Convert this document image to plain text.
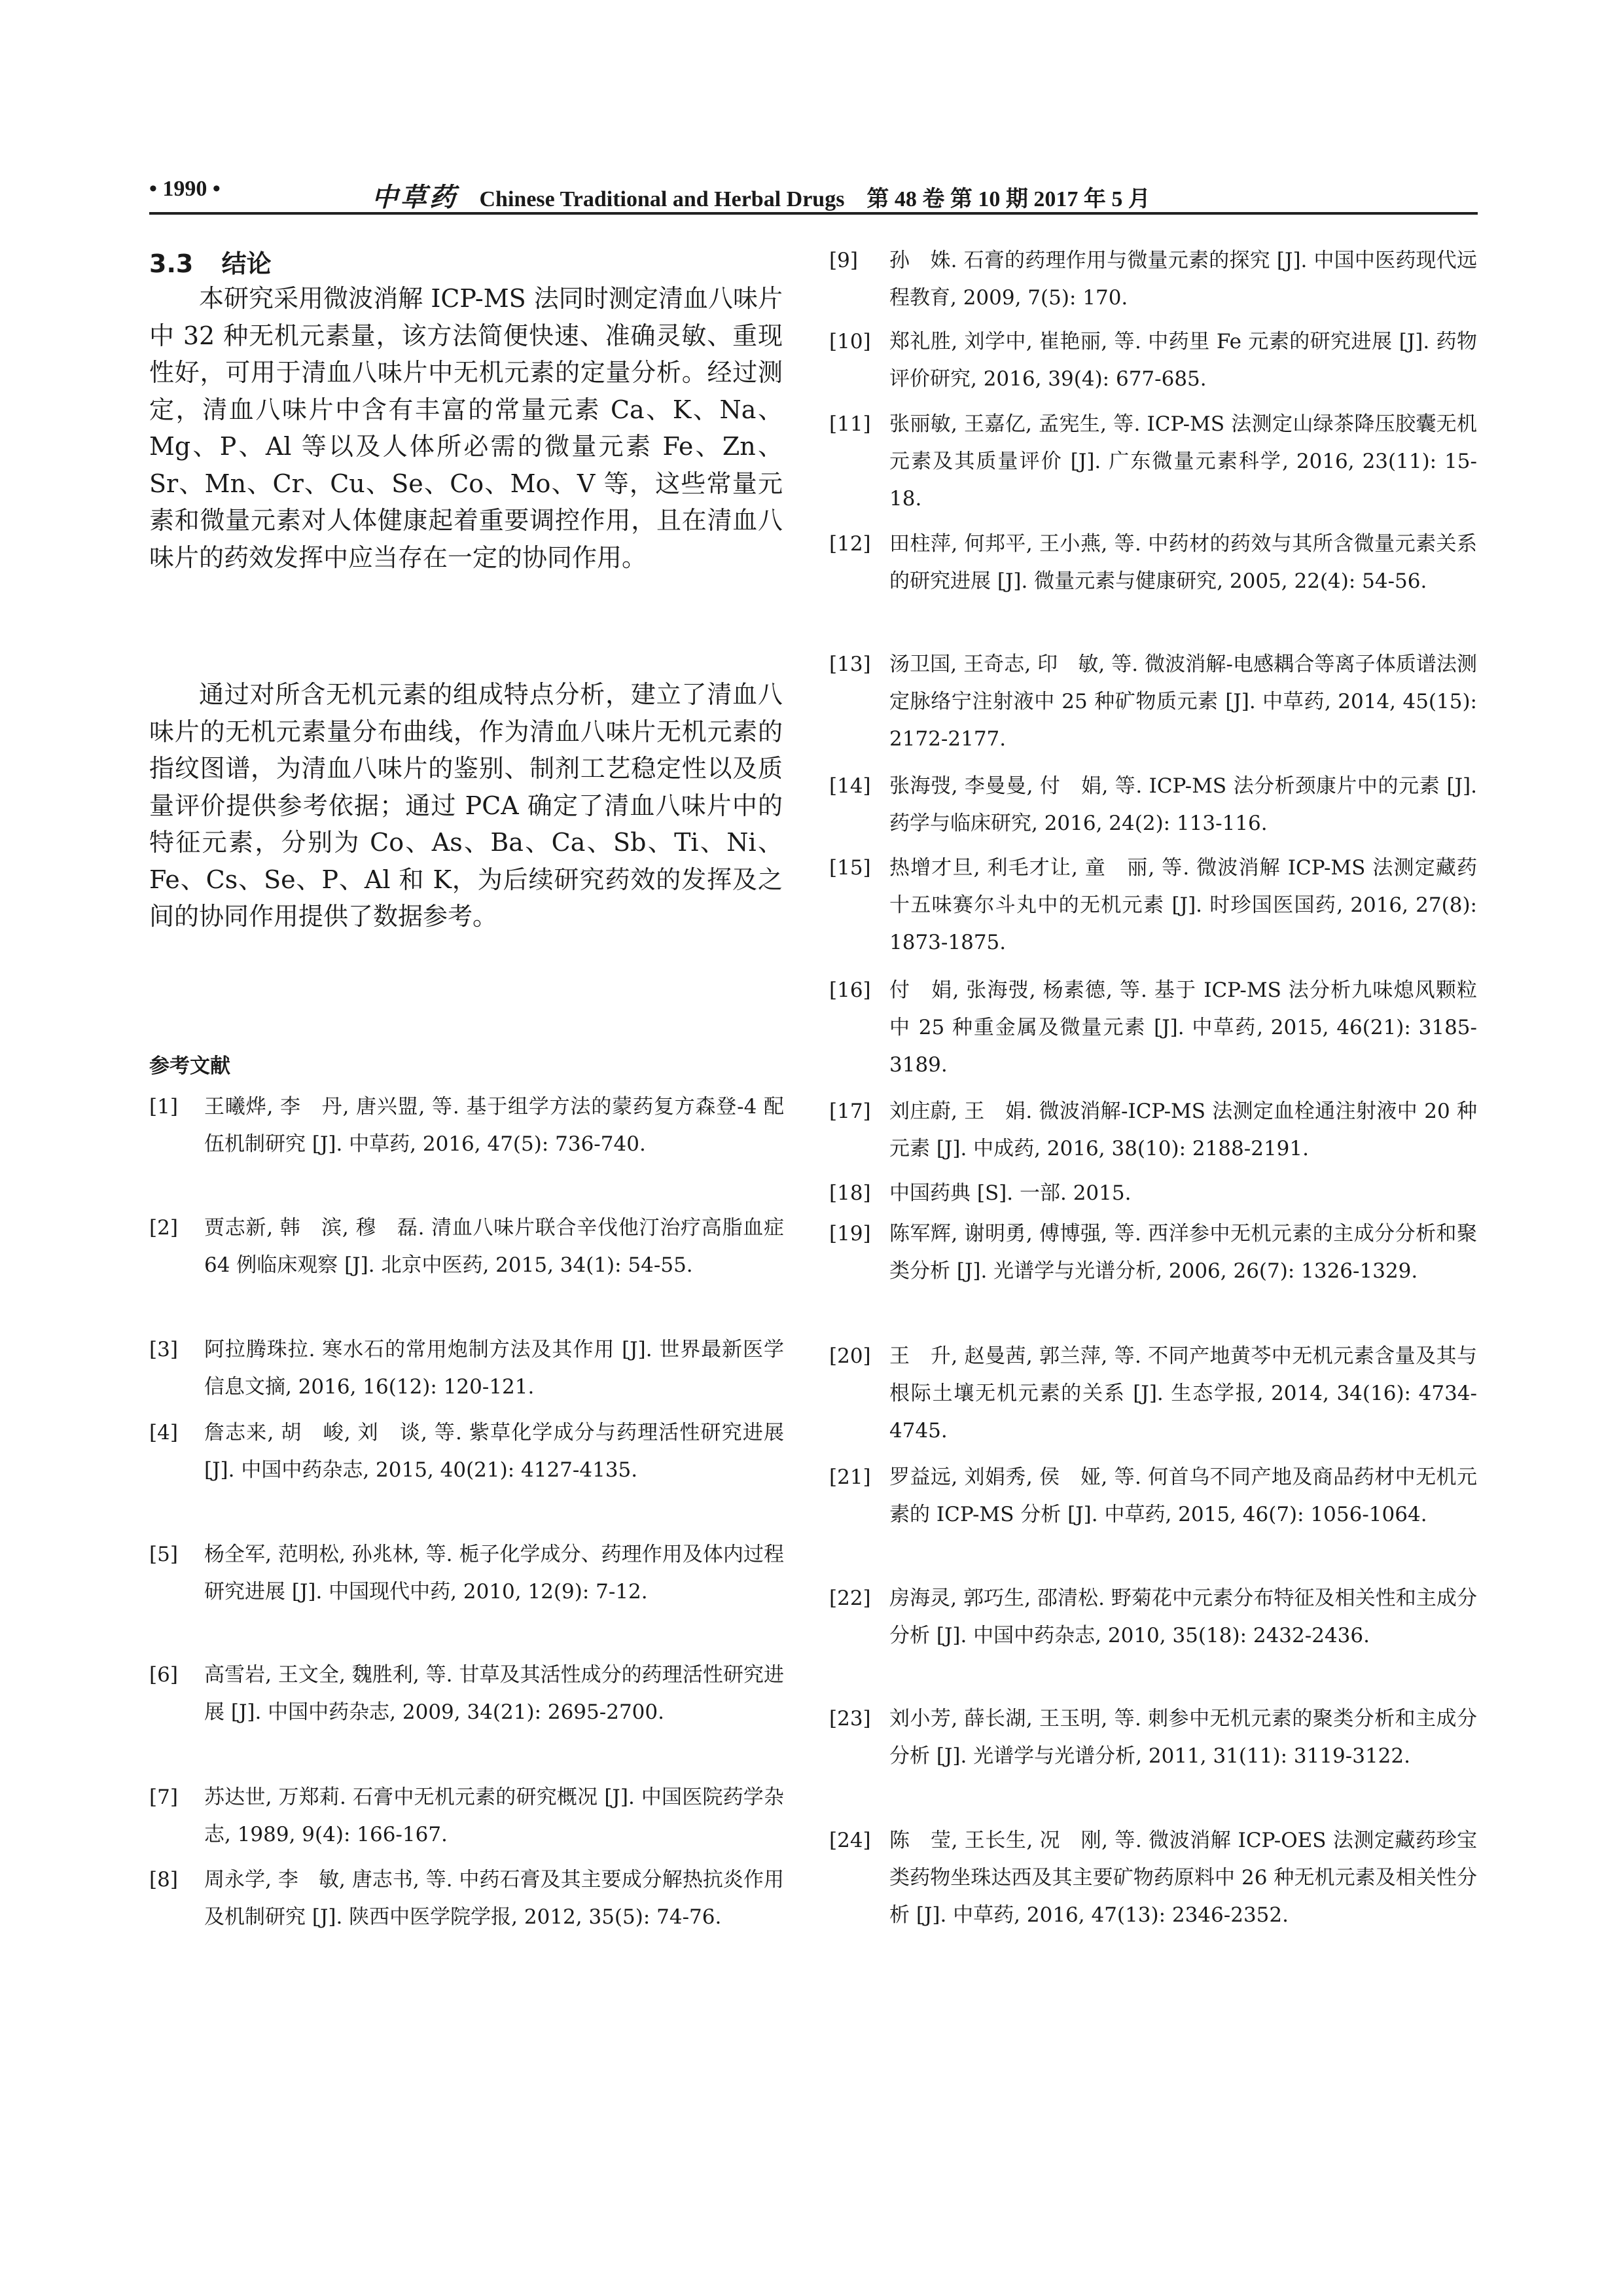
• 1990 •	中草药 Chinese Traditional and Herbal Drugs　第 48 卷 第 10 期 2017 年 5 月
3.3 结论
本研究采用微波消解 ICP-MS 法同时测定清血八味片中 32 种无机元素量，该方法简便快速、准确灵敏、重现性好，可用于清血八味片中无机元素的定量分析。经过测定，清血八味片中含有丰富的常量元素 Ca、K、Na、Mg、P、Al 等以及人体所必需的微量元素 Fe、Zn、Sr、Mn、Cr、Cu、Se、Co、Mo、V 等，这些常量元素和微量元素对人体健康起着重要调控作用，且在清血八味片的药效发挥中应当存在一定的协同作用。
通过对所含无机元素的组成特点分析，建立了清血八味片的无机元素量分布曲线，作为清血八味片无机元素的指纹图谱，为清血八味片的鉴别、制剂工艺稳定性以及质量评价提供参考依据；通过 PCA 确定了清血八味片中的特征元素，分别为 Co、As、Ba、Ca、Sb、Ti、Ni、Fe、Cs、Se、P、Al 和 K，为后续研究药效的发挥及之间的协同作用提供了数据参考。
参考文献
[1] 王曦烨, 李　丹, 唐兴盟, 等. 基于组学方法的蒙药复方森登-4 配伍机制研究 [J]. 中草药, 2016, 47(5): 736-740.
[2] 贾志新, 韩　滨, 穆　磊. 清血八味片联合辛伐他汀治疗高脂血症 64 例临床观察 [J]. 北京中医药, 2015, 34(1): 54-55.
[3] 阿拉腾珠拉. 寒水石的常用炮制方法及其作用 [J]. 世界最新医学信息文摘, 2016, 16(12): 120-121.
[4] 詹志来, 胡　峻, 刘　谈, 等. 紫草化学成分与药理活性研究进展 [J]. 中国中药杂志, 2015, 40(21): 4127-4135.
[5] 杨全军, 范明松, 孙兆林, 等. 栀子化学成分、药理作用及体内过程研究进展 [J]. 中国现代中药, 2010, 12(9): 7-12.
[6] 高雪岩, 王文全, 魏胜利, 等. 甘草及其活性成分的药理活性研究进展 [J]. 中国中药杂志, 2009, 34(21): 2695-2700.
[7] 苏达世, 万郑莉. 石膏中无机元素的研究概况 [J]. 中国医院药学杂志, 1989, 9(4): 166-167.
[8] 周永学, 李　敏, 唐志书, 等. 中药石膏及其主要成分解热抗炎作用及机制研究 [J]. 陕西中医学院学报, 2012, 35(5): 74-76.
[9] 孙　姝. 石膏的药理作用与微量元素的探究 [J]. 中国中医药现代远程教育, 2009, 7(5): 170.
[10] 郑礼胜, 刘学中, 崔艳丽, 等. 中药里 Fe 元素的研究进展 [J]. 药物评价研究, 2016, 39(4): 677-685.
[11] 张丽敏, 王嘉亿, 孟宪生, 等. ICP-MS 法测定山绿茶降压胶囊无机元素及其质量评价 [J]. 广东微量元素科学, 2016, 23(11): 15-18.
[12] 田柱萍, 何邦平, 王小燕, 等. 中药材的药效与其所含微量元素关系的研究进展 [J]. 微量元素与健康研究, 2005, 22(4): 54-56.
[13] 汤卫国, 王奇志, 印　敏, 等. 微波消解-电感耦合等离子体质谱法测定脉络宁注射液中 25 种矿物质元素 [J]. 中草药, 2014, 45(15): 2172-2177.
[14] 张海弢, 李曼曼, 付　娟, 等. ICP-MS 法分析颈康片中的元素 [J]. 药学与临床研究, 2016, 24(2): 113-116.
[15] 热增才旦, 利毛才让, 童　丽, 等. 微波消解 ICP-MS 法测定藏药十五味赛尔斗丸中的无机元素 [J]. 时珍国医国药, 2016, 27(8): 1873-1875.
[16] 付　娟, 张海弢, 杨素德, 等. 基于 ICP-MS 法分析九味熄风颗粒中 25 种重金属及微量元素 [J]. 中草药, 2015, 46(21): 3185-3189.
[17] 刘庄蔚, 王　娟. 微波消解-ICP-MS 法测定血栓通注射液中 20 种元素 [J]. 中成药, 2016, 38(10): 2188-2191.
[18] 中国药典 [S]. 一部. 2015.
[19] 陈军辉, 谢明勇, 傅博强, 等. 西洋参中无机元素的主成分分析和聚类分析 [J]. 光谱学与光谱分析, 2006, 26(7): 1326-1329.
[20] 王　升, 赵曼茜, 郭兰萍, 等. 不同产地黄芩中无机元素含量及其与根际土壤无机元素的关系 [J]. 生态学报, 2014, 34(16): 4734-4745.
[21] 罗益远, 刘娟秀, 侯　娅, 等. 何首乌不同产地及商品药材中无机元素的 ICP-MS 分析 [J]. 中草药, 2015, 46(7): 1056-1064.
[22] 房海灵, 郭巧生, 邵清松. 野菊花中元素分布特征及相关性和主成分分析 [J]. 中国中药杂志, 2010, 35(18): 2432-2436.
[23] 刘小芳, 薛长湖, 王玉明, 等. 刺参中无机元素的聚类分析和主成分分析 [J]. 光谱学与光谱分析, 2011, 31(11): 3119-3122.
[24] 陈　莹, 王长生, 况　刚, 等. 微波消解 ICP-OES 法测定藏药珍宝类药物坐珠达西及其主要矿物药原料中 26 种无机元素及相关性分析 [J]. 中草药, 2016, 47(13): 2346-2352.
